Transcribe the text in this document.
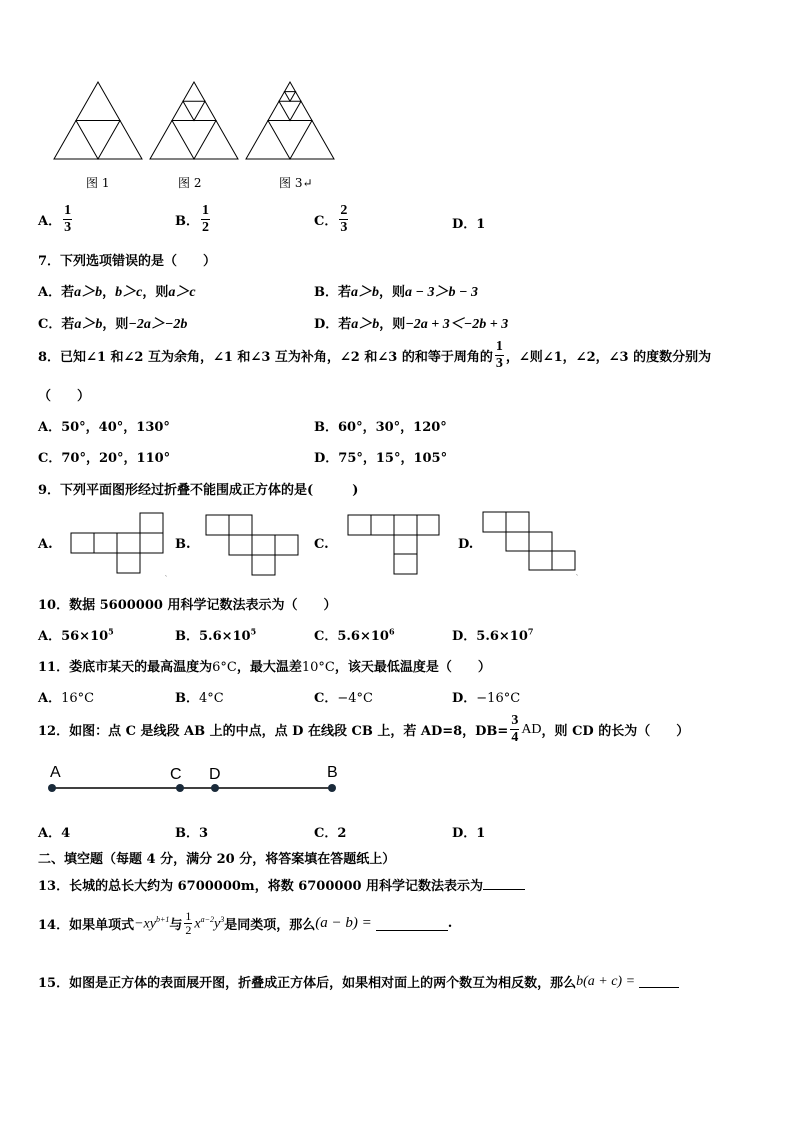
图 1	图 2	图 3↵
A． $\frac{1}{3}$	B． $\frac{1}{2}$	C． $\frac{2}{3}$	D．1
7．下列选项错误的是（　　）
A．若a＞b，b＞c，则a＞c	B．若a＞b，则a − 3＞b − 3
C．若a＞b，则−2a＞−2b	D．若a＞b，则−2a + 3＜−2b + 3
8．已知∠1 和∠2 互为余角，∠1 和∠3 互为补角，∠2 和∠3 的和等于周角的 $\frac{1}{3}$ ，∠则∠1，∠2，∠3 的度数分别为
（　　）
A．50°，40°，130°	B．60°，30°，120°
C．70°，20°，110°	D．75°，15°，105°
9．下列平面图形经过折叠不能围成正方体的是(　　　)
A.	B.	C.	D.
ˎ	ˎ
10．数据 5600000 用科学记数法表示为（　　）
A．$56\times 10^5$	B．$5.6\times 10^5$	C．$5.6\times 10^6$	D．$5.6\times 10^7$
11．娄底市某天的最高温度为6°C，最大温差10°C，该天最低温度是（　　）
A．16°C	B．4°C	C．−4°C	D．−16°C
12．如图：点 C 是线段 AB 上的中点，点 D 在线段 CB 上，若 AD=8，$DB= \frac{3}{4}$ AD ，则 CD 的长为（　　）
A	C D	B
A．4	B．3	C．2	D．1
二、填空题（每题 4 分，满分 20 分，将答案填在答题纸上）
13．长城的总长大约为 6700000m，将数 6700000 用科学记数法表示为
14．如果单项式 $-xy^{b+1}$ 与 $\frac{1}{2} x^{a-2}y^3$ 是同类项，那么 (a − b) =	.
15．如图是正方体的表面展开图，折叠成正方体后，如果相对面上的两个数互为相反数，那么 b(a + c) =
